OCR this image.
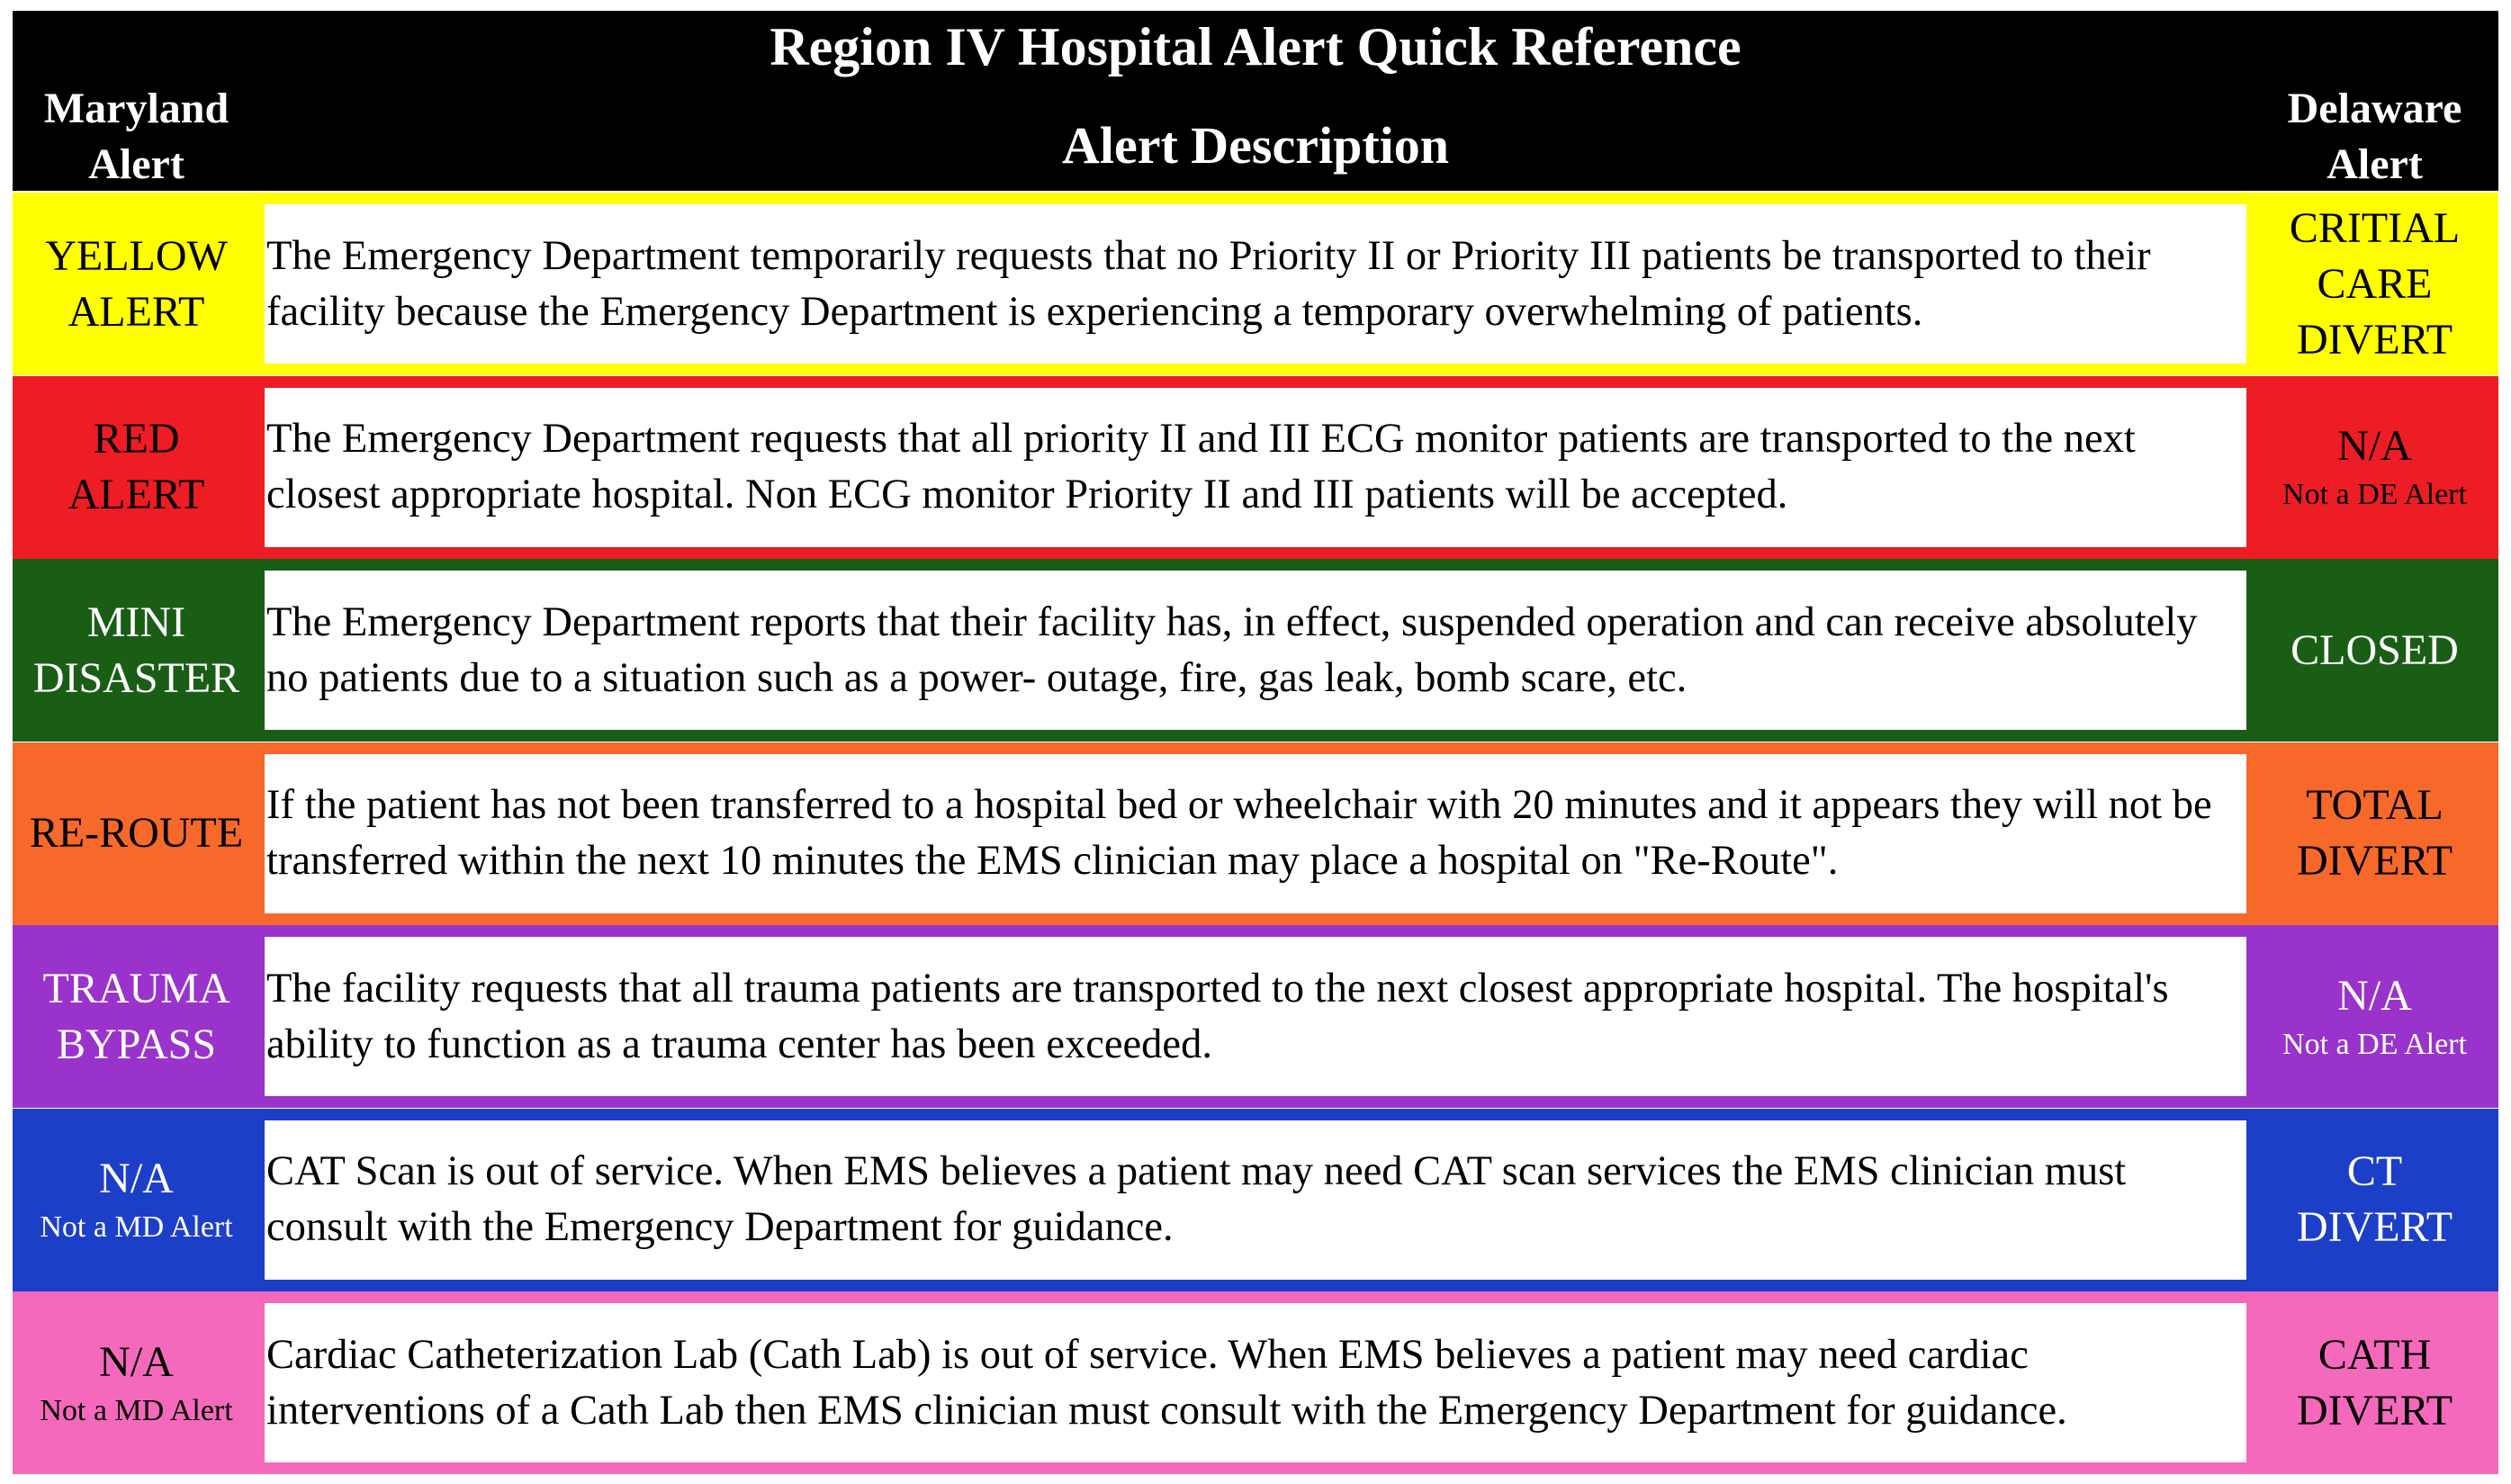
Region IV Hospital Alert Quick Reference
Maryland
Alert	Alert Description
Delaware
Alert
YELLOW
ALERT
The Emergency Department temporarily requests that no Priority II or Priority III patients be transported to their facility because the Emergency Department is experiencing a temporary overwhelming of patients.
CRITIAL
CARE
DIVERT
RED
ALERT
The Emergency Department requests that all priority II and III ECG monitor patients are transported to the next closest appropriate hospital. Non ECG monitor Priority II and III patients will be accepted.
N/A
Not a DE Alert
MINI
DISASTER
The Emergency Department reports that their facility has, in effect, suspended operation and can receive absolutely no patients due to a situation such as a power- outage, fire, gas leak, bomb scare, etc.
CLOSED
RE-ROUTE
If the patient has not been transferred to a hospital bed or wheelchair with 20 minutes and it appears they will not be transferred within the next 10 minutes the EMS clinician may place a hospital on "Re-Route".
TOTAL
DIVERT
TRAUMA
BYPASS
The facility requests that all trauma patients are transported to the next closest appropriate hospital. The hospital's ability to function as a trauma center has been exceeded.
N/A
Not a DE Alert
N/A
Not a MD Alert
CAT Scan is out of service. When EMS believes a patient may need CAT scan services the EMS clinician must consult with the Emergency Department for guidance.
CT
DIVERT
N/A
Not a MD Alert
Cardiac Catheterization Lab (Cath Lab) is out of service. When EMS believes a patient may need cardiac interventions of a Cath Lab then EMS clinician must consult with the Emergency Department for guidance.
CATH
DIVERT
